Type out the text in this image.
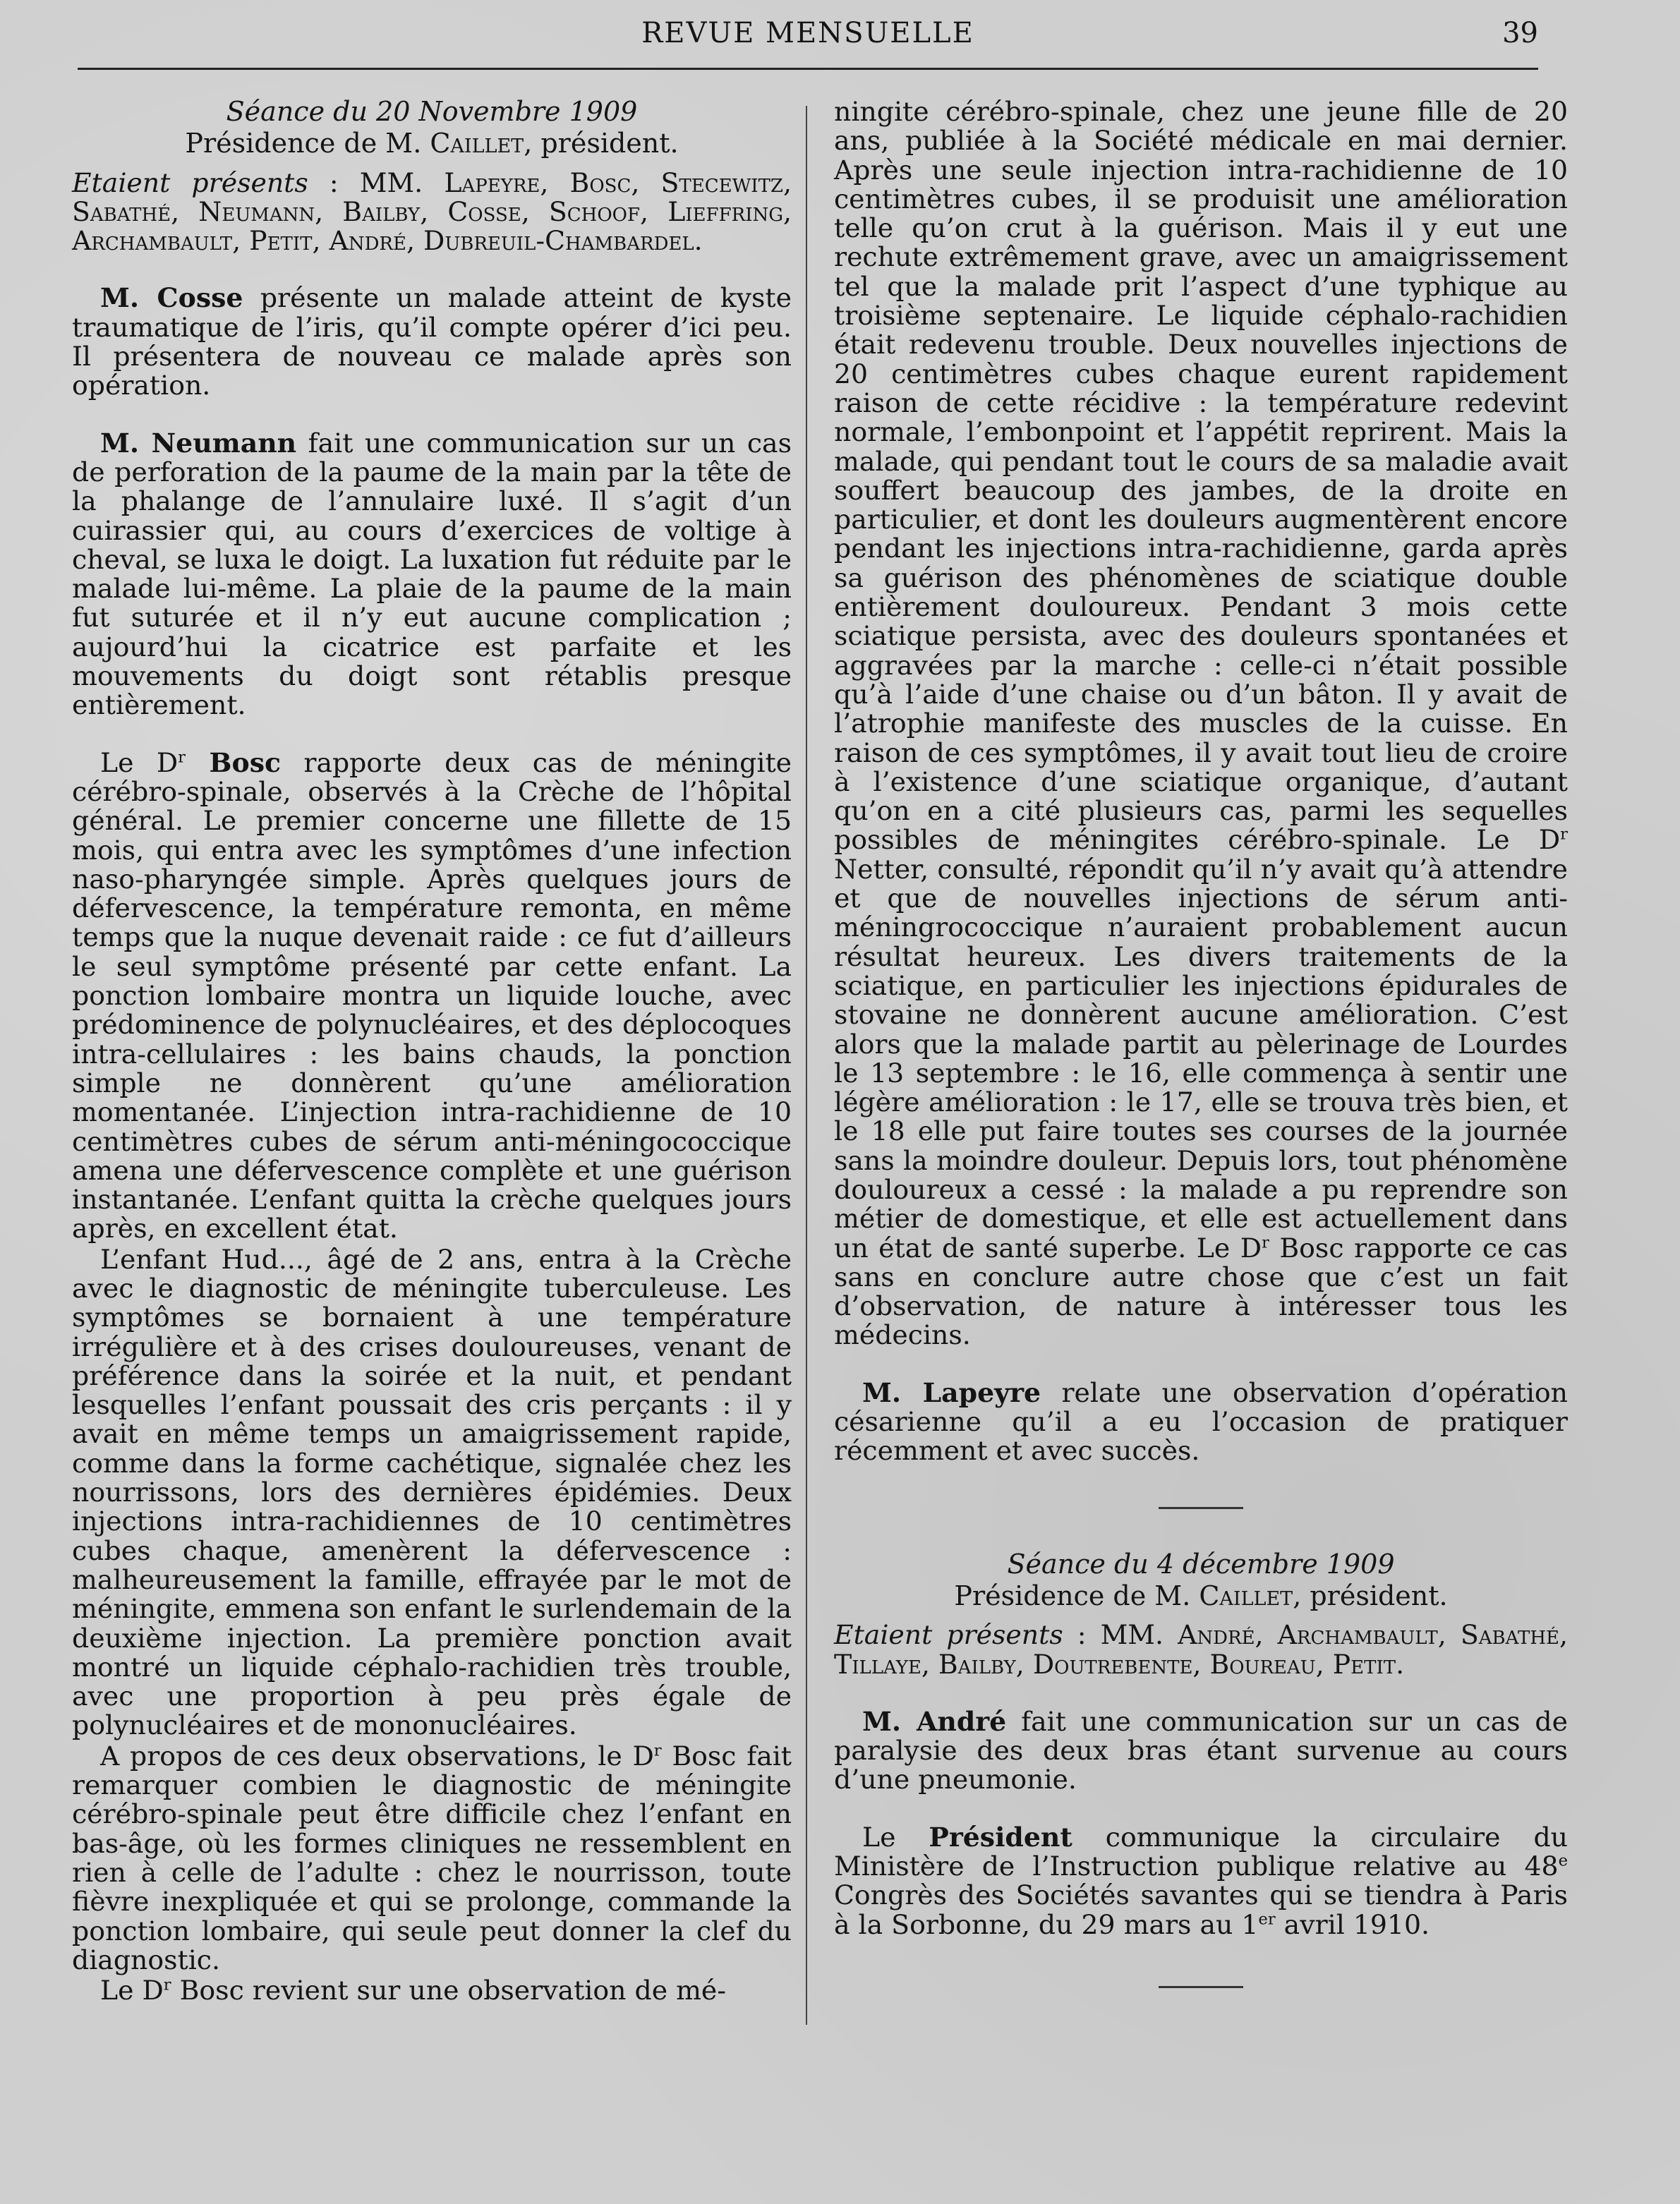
REVUE MENSUELLE	39
Séance du 20 Novembre 1909
Présidence de M. Caillet, président.
Etaient présents : MM. Lapeyre, Bosc, Stecewitz, Sabathé, Neumann, Bailby, Cosse, Schoof, Lieffring, Archambault, Petit, André, Dubreuil-Chambardel.

M. Cosse présente un malade atteint de kyste traumatique de l’iris, qu’il compte opérer d’ici peu. Il présentera de nouveau ce malade après son opération.

M. Neumann fait une communication sur un cas de perforation de la paume de la main par la tête de la phalange de l’annulaire luxé. Il s’agit d’un cuirassier qui, au cours d’exercices de voltige à cheval, se luxa le doigt. La luxation fut réduite par le malade lui-même. La plaie de la paume de la main fut suturée et il n’y eut aucune complication ; aujourd’hui la cicatrice est parfaite et les mouvements du doigt sont rétablis presque entièrement.

Le $D^r$ Bosc rapporte deux cas de méningite cérébro-spinale, observés à la Crèche de l’hôpital général. Le premier concerne une fillette de 15 mois, qui entra avec les symptômes d’une infection naso-pharyngée simple. Après quelques jours de défervescence, la température remonta, en même temps que la nuque devenait raide : ce fut d’ailleurs le seul symptôme présenté par cette enfant. La ponction lombaire montra un liquide louche, avec prédominence de polynucléaires, et des déplocoques intra-cellulaires : les bains chauds, la ponction simple ne donnèrent qu’une amélioration momentanée. L’injection intra-rachidienne de 10 centimètres cubes de sérum anti-méningococcique amena une défervescence complète et une guérison instantanée. L’enfant quitta la crèche quelques jours après, en excellent état.

L’enfant Hud..., âgé de 2 ans, entra à la Crèche avec le diagnostic de méningite tuberculeuse. Les symptômes se bornaient à une température irrégulière et à des crises douloureuses, venant de préférence dans la soirée et la nuit, et pendant lesquelles l’enfant poussait des cris perçants : il y avait en même temps un amaigrissement rapide, comme dans la forme cachétique, signalée chez les nourrissons, lors des dernières épidémies. Deux injections intra-rachidiennes de 10 centimètres cubes chaque, amenèrent la défervescence : malheureusement la famille, effrayée par le mot de méningite, emmena son enfant le surlendemain de la deuxième injection. La première ponction avait montré un liquide céphalo-rachidien très trouble, avec une proportion à peu près égale de polynucléaires et de mononucléaires.

A propos de ces deux observations, le $D^r$ Bosc fait remarquer combien le diagnostic de méningite cérébro-spinale peut être difficile chez l’enfant en bas-âge, où les formes cliniques ne ressemblent en rien à celle de l’adulte : chez le nourrisson, toute fièvre inexpliquée et qui se prolonge, commande la ponction lombaire, qui seule peut donner la clef du diagnostic.

Le $D^r$ Bosc revient sur une observation de mé-

ningite cérébro-spinale, chez une jeune fille de 20 ans, publiée à la Société médicale en mai dernier. Après une seule injection intra-rachidienne de 10 centimètres cubes, il se produisit une amélioration telle qu’on crut à la guérison. Mais il y eut une rechute extrêmement grave, avec un amaigrissement tel que la malade prit l’aspect d’une typhique au troisième septenaire. Le liquide céphalo-rachidien était redevenu trouble. Deux nouvelles injections de 20 centimètres cubes chaque eurent rapidement raison de cette récidive : la température redevint normale, l’embonpoint et l’appétit reprirent. Mais la malade, qui pendant tout le cours de sa maladie avait souffert beaucoup des jambes, de la droite en particulier, et dont les douleurs augmentèrent encore pendant les injections intra-rachidienne, garda après sa guérison des phénomènes de sciatique double entièrement douloureux. Pendant 3 mois cette sciatique persista, avec des douleurs spontanées et aggravées par la marche : celle-ci n’était possible qu’à l’aide d’une chaise ou d’un bâton. Il y avait de l’atrophie manifeste des muscles de la cuisse. En raison de ces symptômes, il y avait tout lieu de croire à l’existence d’une sciatique organique, d’autant qu’on en a cité plusieurs cas, parmi les sequelles possibles de méningites cérébro-spinale. Le $D^r$ Netter, consulté, répondit qu’il n’y avait qu’à attendre et que de nouvelles injections de sérum anti-méningrococcique n’auraient probablement aucun résultat heureux. Les divers traitements de la sciatique, en particulier les injections épidurales de stovaine ne donnèrent aucune amélioration. C’est alors que la malade partit au pèlerinage de Lourdes le 13 septembre : le 16, elle commença à sentir une légère amélioration : le 17, elle se trouva très bien, et le 18 elle put faire toutes ses courses de la journée sans la moindre douleur. Depuis lors, tout phénomène douloureux a cessé : la malade a pu reprendre son métier de domestique, et elle est actuellement dans un état de santé superbe. Le $D^r$ Bosc rapporte ce cas sans en conclure autre chose que c’est un fait d’observation, de nature à intéresser tous les médecins.

M. Lapeyre relate une observation d’opération césarienne qu’il a eu l’occasion de pratiquer récemment et avec succès.

Séance du 4 décembre 1909
Présidence de M. Caillet, président.
Etaient présents : MM. André, Archambault, Sabathé, Tillaye, Bailby, Doutrebente, Boureau, Petit.

M. André fait une communication sur un cas de paralysie des deux bras étant survenue au cours d’une pneumonie.

Le Président communique la circulaire du Ministère de l’Instruction publique relative au 48e Congrès des Sociétés savantes qui se tiendra à Paris à la Sorbonne, du 29 mars au 1er avril 1910.
